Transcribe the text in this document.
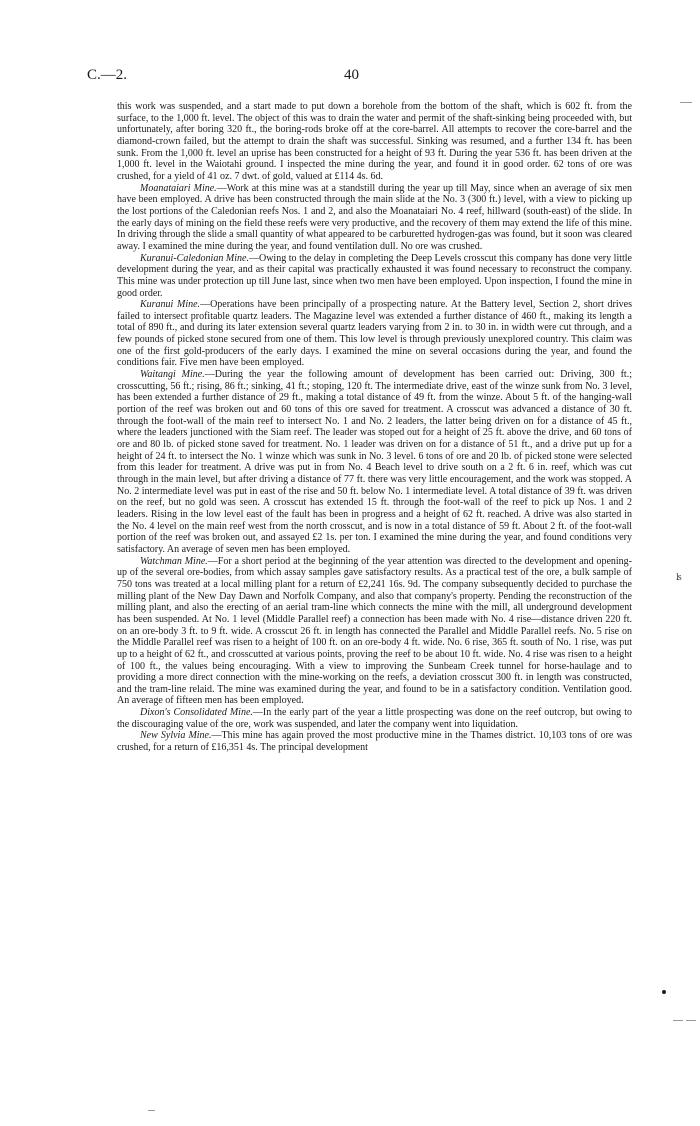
C.—2.	40

this work was suspended, and a start made to put down a borehole from the bottom of the shaft, which is 602 ft. from the surface, to the 1,000 ft. level. The object of this was to drain the water and permit of the shaft-sinking being proceeded with, but unfortunately, after boring 320 ft., the boring-rods broke off at the core-barrel. All attempts to recover the core-barrel and the diamond-crown failed, but the attempt to drain the shaft was successful. Sinking was resumed, and a further 134 ft. has been sunk. From the 1,000 ft. level an uprise has been constructed for a height of 93 ft. During the year 536 ft. has been driven at the 1,000 ft. level in the Waiotahi ground. I inspected the mine during the year, and found it in good order. 62 tons of ore was crushed, for a yield of 41 oz. 7 dwt. of gold, valued at £114 4s. 6d.

Moanataiari Mine.—Work at this mine was at a standstill during the year up till May, since when an average of six men have been employed. A drive has been constructed through the main slide at the No. 3 (300 ft.) level, with a view to picking up the lost portions of the Caledonian reefs Nos. 1 and 2, and also the Moanataiari No. 4 reef, hillward (south-east) of the slide. In the early days of mining on the field these reefs were very productive, and the recovery of them may extend the life of this mine. In driving through the slide a small quantity of what appeared to be carburetted hydrogen-gas was found, but it soon was cleared away. I examined the mine during the year, and found ventilation dull. No ore was crushed.

Kuranui-Caledonian Mine.—Owing to the delay in completing the Deep Levels crosscut this company has done very little development during the year, and as their capital was practically exhausted it was found necessary to reconstruct the company. This mine was under protection up till June last, since when two men have been employed. Upon inspection, I found the mine in good order.

Kuranui Mine.—Operations have been principally of a prospecting nature. At the Battery level, Section 2, short drives failed to intersect profitable quartz leaders. The Magazine level was extended a further distance of 460 ft., making its length a total of 890 ft., and during its later extension several quartz leaders varying from 2 in. to 30 in. in width were cut through, and a few pounds of picked stone secured from one of them. This low level is through previously unexplored country. This claim was one of the first gold-producers of the early days. I examined the mine on several occasions during the year, and found the conditions fair. Five men have been employed.

Waitangi Mine.—During the year the following amount of development has been carried out: Driving, 300 ft.; crosscutting, 56 ft.; rising, 86 ft.; sinking, 41 ft.; stoping, 120 ft. The intermediate drive, east of the winze sunk from No. 3 level, has been extended a further distance of 29 ft., making a total distance of 49 ft. from the winze. About 5 ft. of the hanging-wall portion of the reef was broken out and 60 tons of this ore saved for treatment. A crosscut was advanced a distance of 30 ft. through the foot-wall of the main reef to intersect No. 1 and No. 2 leaders, the latter being driven on for a distance of 45 ft., where the leaders junctioned with the Siam reef. The leader was stoped out for a height of 25 ft. above the drive, and 60 tons of ore and 80 lb. of picked stone saved for treatment. No. 1 leader was driven on for a distance of 51 ft., and a drive put up for a height of 24 ft. to intersect the No. 1 winze which was sunk in No. 3 level. 6 tons of ore and 20 lb. of picked stone were selected from this leader for treatment. A drive was put in from No. 4 Beach level to drive south on a 2 ft. 6 in. reef, which was cut through in the main level, but after driving a distance of 77 ft. there was very little encouragement, and the work was stopped. A No. 2 intermediate level was put in east of the rise and 50 ft. below No. 1 intermediate level. A total distance of 39 ft. was driven on the reef, but no gold was seen. A crosscut has extended 15 ft. through the foot-wall of the reef to pick up Nos. 1 and 2 leaders. Rising in the low level east of the fault has been in progress and a height of 62 ft. reached. A drive was also started in the No. 4 level on the main reef west from the north crosscut, and is now in a total distance of 59 ft. About 2 ft. of the foot-wall portion of the reef was broken out, and assayed £2 1s. per ton. I examined the mine during the year, and found conditions very satisfactory. An average of seven men has been employed.

Watchman Mine.—For a short period at the beginning of the year attention was directed to the development and opening-up of the several ore-bodies, from which assay samples gave satisfactory results. As a practical test of the ore, a bulk sample of 750 tons was treated at a local milling plant for a return of £2,241 16s. 9d. The company subsequently decided to purchase the milling plant of the New Day Dawn and Norfolk Company, and also that company's property. Pending the reconstruction of the milling plant, and also the erecting of an aerial tram-line which connects the mine with the mill, all underground development has been suspended. At No. 1 level (Middle Parallel reef) a connection has been made with No. 4 rise—distance driven 220 ft. on an ore-body 3 ft. to 9 ft. wide. A crosscut 26 ft. in length has connected the Parallel and Middle Parallel reefs. No. 5 rise on the Middle Parallel reef was risen to a height of 100 ft. on an ore-body 4 ft. wide. No. 6 rise, 365 ft. south of No. 1 rise, was put up to a height of 62 ft., and crosscutted at various points, proving the reef to be about 10 ft. wide. No. 4 rise was risen to a height of 100 ft., the values being encouraging. With a view to improving the Sunbeam Creek tunnel for horse-haulage and to providing a more direct connection with the mine-working on the reefs, a deviation crosscut 300 ft. in length was constructed, and the tram-line relaid. The mine was examined during the year, and found to be in a satisfactory condition. Ventilation good. An average of fifteen men has been employed.

Dixon's Consolidated Mine.—In the early part of the year a little prospecting was done on the reef outcrop, but owing to the discouraging value of the ore, work was suspended, and later the company went into liquidation.

New Sylvia Mine.—This mine has again proved the most productive mine in the Thames district. 10,103 tons of ore was crushed, for a return of £16,351 4s. The principal development

ʪ
